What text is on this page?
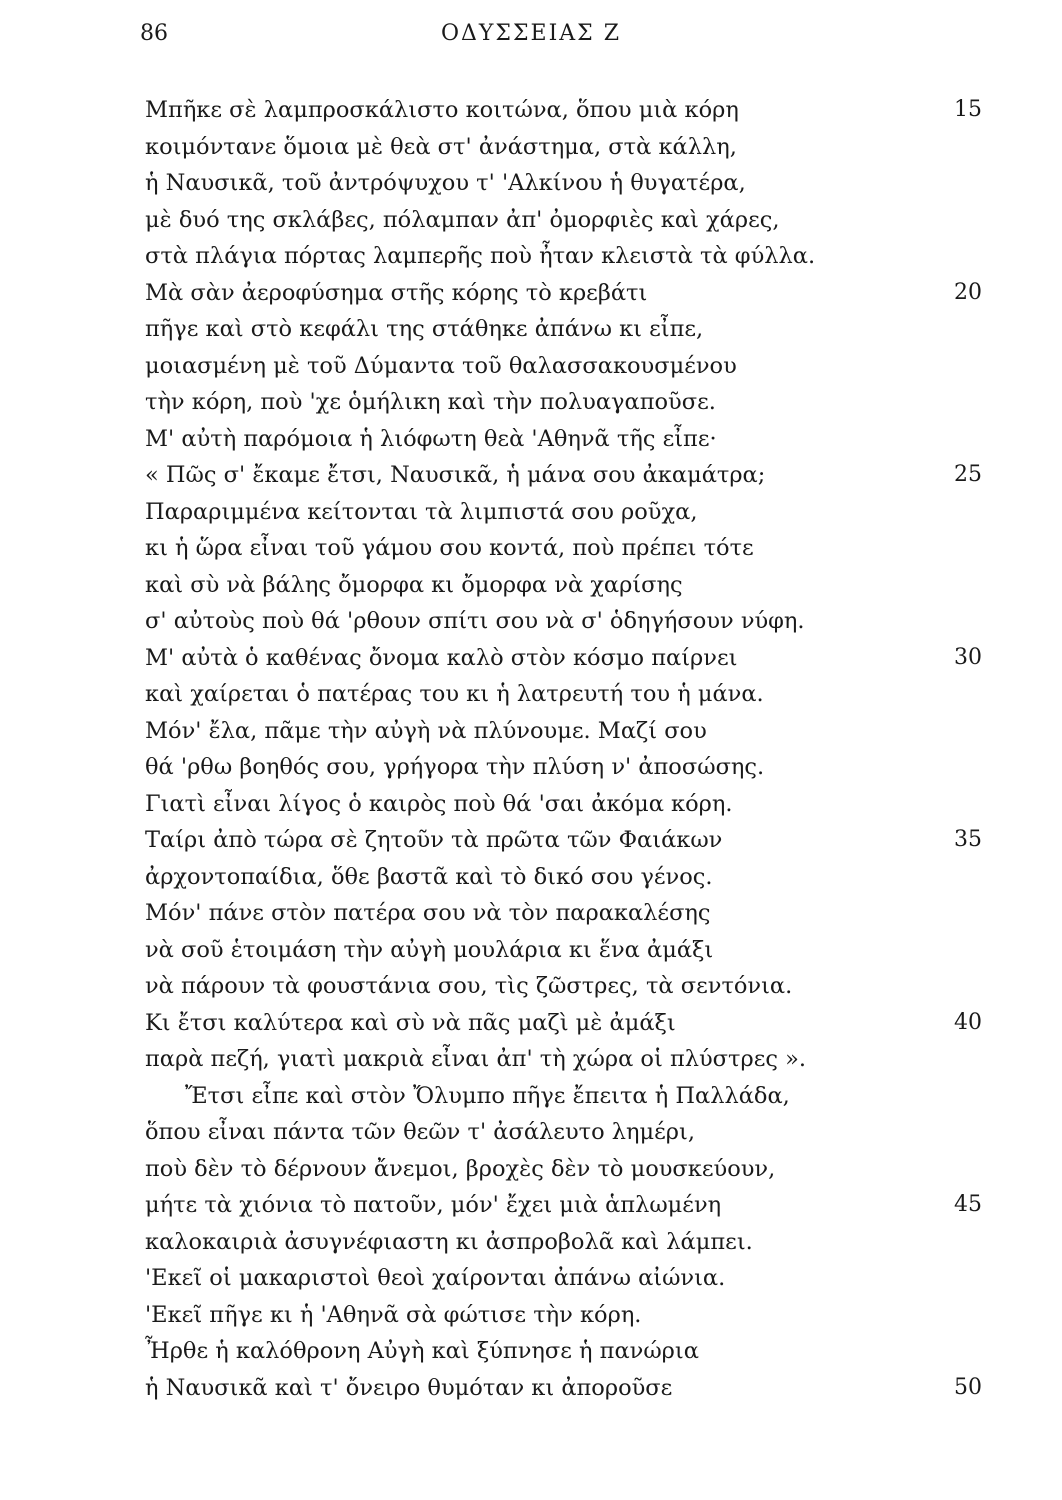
86	ΟΔΥΣΣΕΙΑΣ Ζ
Μπῆκε σὲ λαμπροσκάλιστο κοιτώνα, ὅπου μιὰ κόρη	15
κοιμόντανε ὅμοια μὲ θεὰ στ' ἀνάστημα, στὰ κάλλη,
ἡ Ναυσικᾶ, τοῦ ἀντρόψυχου τ' 'Αλκίνου ἡ θυγατέρα,
μὲ δυό της σκλάβες, πόλαμπαν ἀπ' ὀμορφιὲς καὶ χάρες,
στὰ πλάγια πόρτας λαμπερῆς ποὺ ἦταν κλειστὰ τὰ φύλλα.
Μὰ σὰν ἀεροφύσημα στῆς κόρης τὸ κρεβάτι	20
πῆγε καὶ στὸ κεφάλι της στάθηκε ἀπάνω κι εἶπε,
μοιασμένη μὲ τοῦ Δύμαντα τοῦ θαλασσακουσμένου
τὴν κόρη, ποὺ 'χε ὁμήλικη καὶ τὴν πολυαγαποῦσε.
Μ' αὐτὴ παρόμοια ἡ λιόφωτη θεὰ 'Αθηνᾶ τῆς εἶπε·
« Πῶς σ' ἔκαμε ἔτσι, Ναυσικᾶ, ἡ μάνα σου ἀκαμάτρα;	25
Παραριμμένα κείτονται τὰ λιμπιστά σου ροῦχα,
κι ἡ ὥρα εἶναι τοῦ γάμου σου κοντά, ποὺ πρέπει τότε
καὶ σὺ νὰ βάλης ὄμορφα κι ὄμορφα νὰ χαρίσης
σ' αὐτοὺς ποὺ θά 'ρθουν σπίτι σου νὰ σ' ὁδηγήσουν νύφη.
Μ' αὐτὰ ὁ καθένας ὄνομα καλὸ στὸν κόσμο παίρνει	30
καὶ χαίρεται ὁ πατέρας του κι ἡ λατρευτή του ἡ μάνα.
Μόν' ἔλα, πᾶμε τὴν αὐγὴ νὰ πλύνουμε. Μαζί σου
θά 'ρθω βοηθός σου, γρήγορα τὴν πλύση ν' ἀποσώσης.
Γιατὶ εἶναι λίγος ὁ καιρὸς ποὺ θά 'σαι ἀκόμα κόρη.
Ταίρι ἀπὸ τώρα σὲ ζητοῦν τὰ πρῶτα τῶν Φαιάκων	35
ἀρχοντοπαίδια, ὅθε βαστᾶ καὶ τὸ δικό σου γένος.
Μόν' πάνε στὸν πατέρα σου νὰ τὸν παρακαλέσης
νὰ σοῦ ἑτοιμάση τὴν αὐγὴ μουλάρια κι ἕνα ἀμάξι
νὰ πάρουν τὰ φουστάνια σου, τὶς ζῶστρες, τὰ σεντόνια.
Κι ἔτσι καλύτερα καὶ σὺ νὰ πᾶς μαζὶ μὲ ἀμάξι	40
παρὰ πεζή, γιατὶ μακριὰ εἶναι ἀπ' τὴ χώρα οἱ πλύστρες ».
Ἔτσι εἶπε καὶ στὸν Ὄλυμπο πῆγε ἔπειτα ἡ Παλλάδα,
ὅπου εἶναι πάντα τῶν θεῶν τ' ἀσάλευτο λημέρι,
ποὺ δὲν τὸ δέρνουν ἄνεμοι, βροχὲς δὲν τὸ μουσκεύουν,
μήτε τὰ χιόνια τὸ πατοῦν, μόν' ἔχει μιὰ ἁπλωμένη	45
καλοκαιριὰ ἀσυγνέφιαστη κι ἀσπροβολᾶ καὶ λάμπει.
'Εκεῖ οἱ μακαριστοὶ θεοὶ χαίρονται ἀπάνω αἰώνια.
'Εκεῖ πῆγε κι ἡ 'Αθηνᾶ σὰ φώτισε τὴν κόρη.
Ἦρθε ἡ καλόθρονη Αὐγὴ καὶ ξύπνησε ἡ πανώρια
ἡ Ναυσικᾶ καὶ τ' ὄνειρο θυμόταν κι ἀποροῦσε	50
